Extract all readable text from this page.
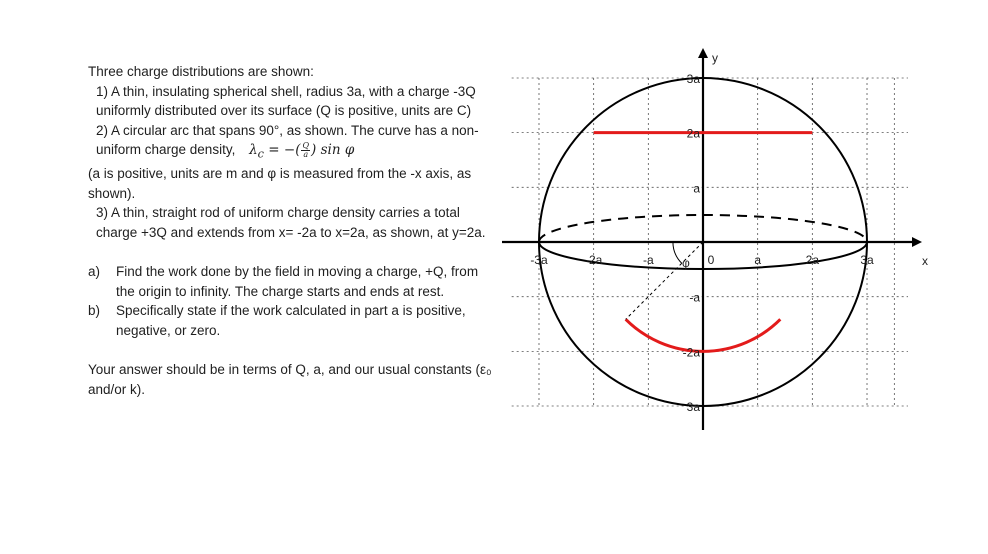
Three charge distributions are shown:

1) A thin, insulating spherical shell, radius 3a, with a charge -3Q uniformly distributed over its surface (Q is positive, units are C)

2) A circular arc that spans 90°, as shown. The curve has a non-uniform charge density, $\lambda_c$ = −( $\frac{Q}{a}$ ) sin φ

(a is positive, units are m and φ is measured from the -x axis, as shown).

3) A thin, straight rod of uniform charge density carries a total charge +3Q and extends from x= -2a to x=2a, as shown, at y=2a.

a)	Find the work done by the field in moving a charge, +Q, from the origin to infinity. The charge starts and ends at rest.
b)	Specifically state if the work calculated in part a is positive, negative, or zero.

Your answer should be in terms of Q, a, and our usual constants (ε₀ and/or k).

φ
-3a	-2a	-a	0	a	2a	3a
3a
2a
a
-a
-2a
3a
x
y
